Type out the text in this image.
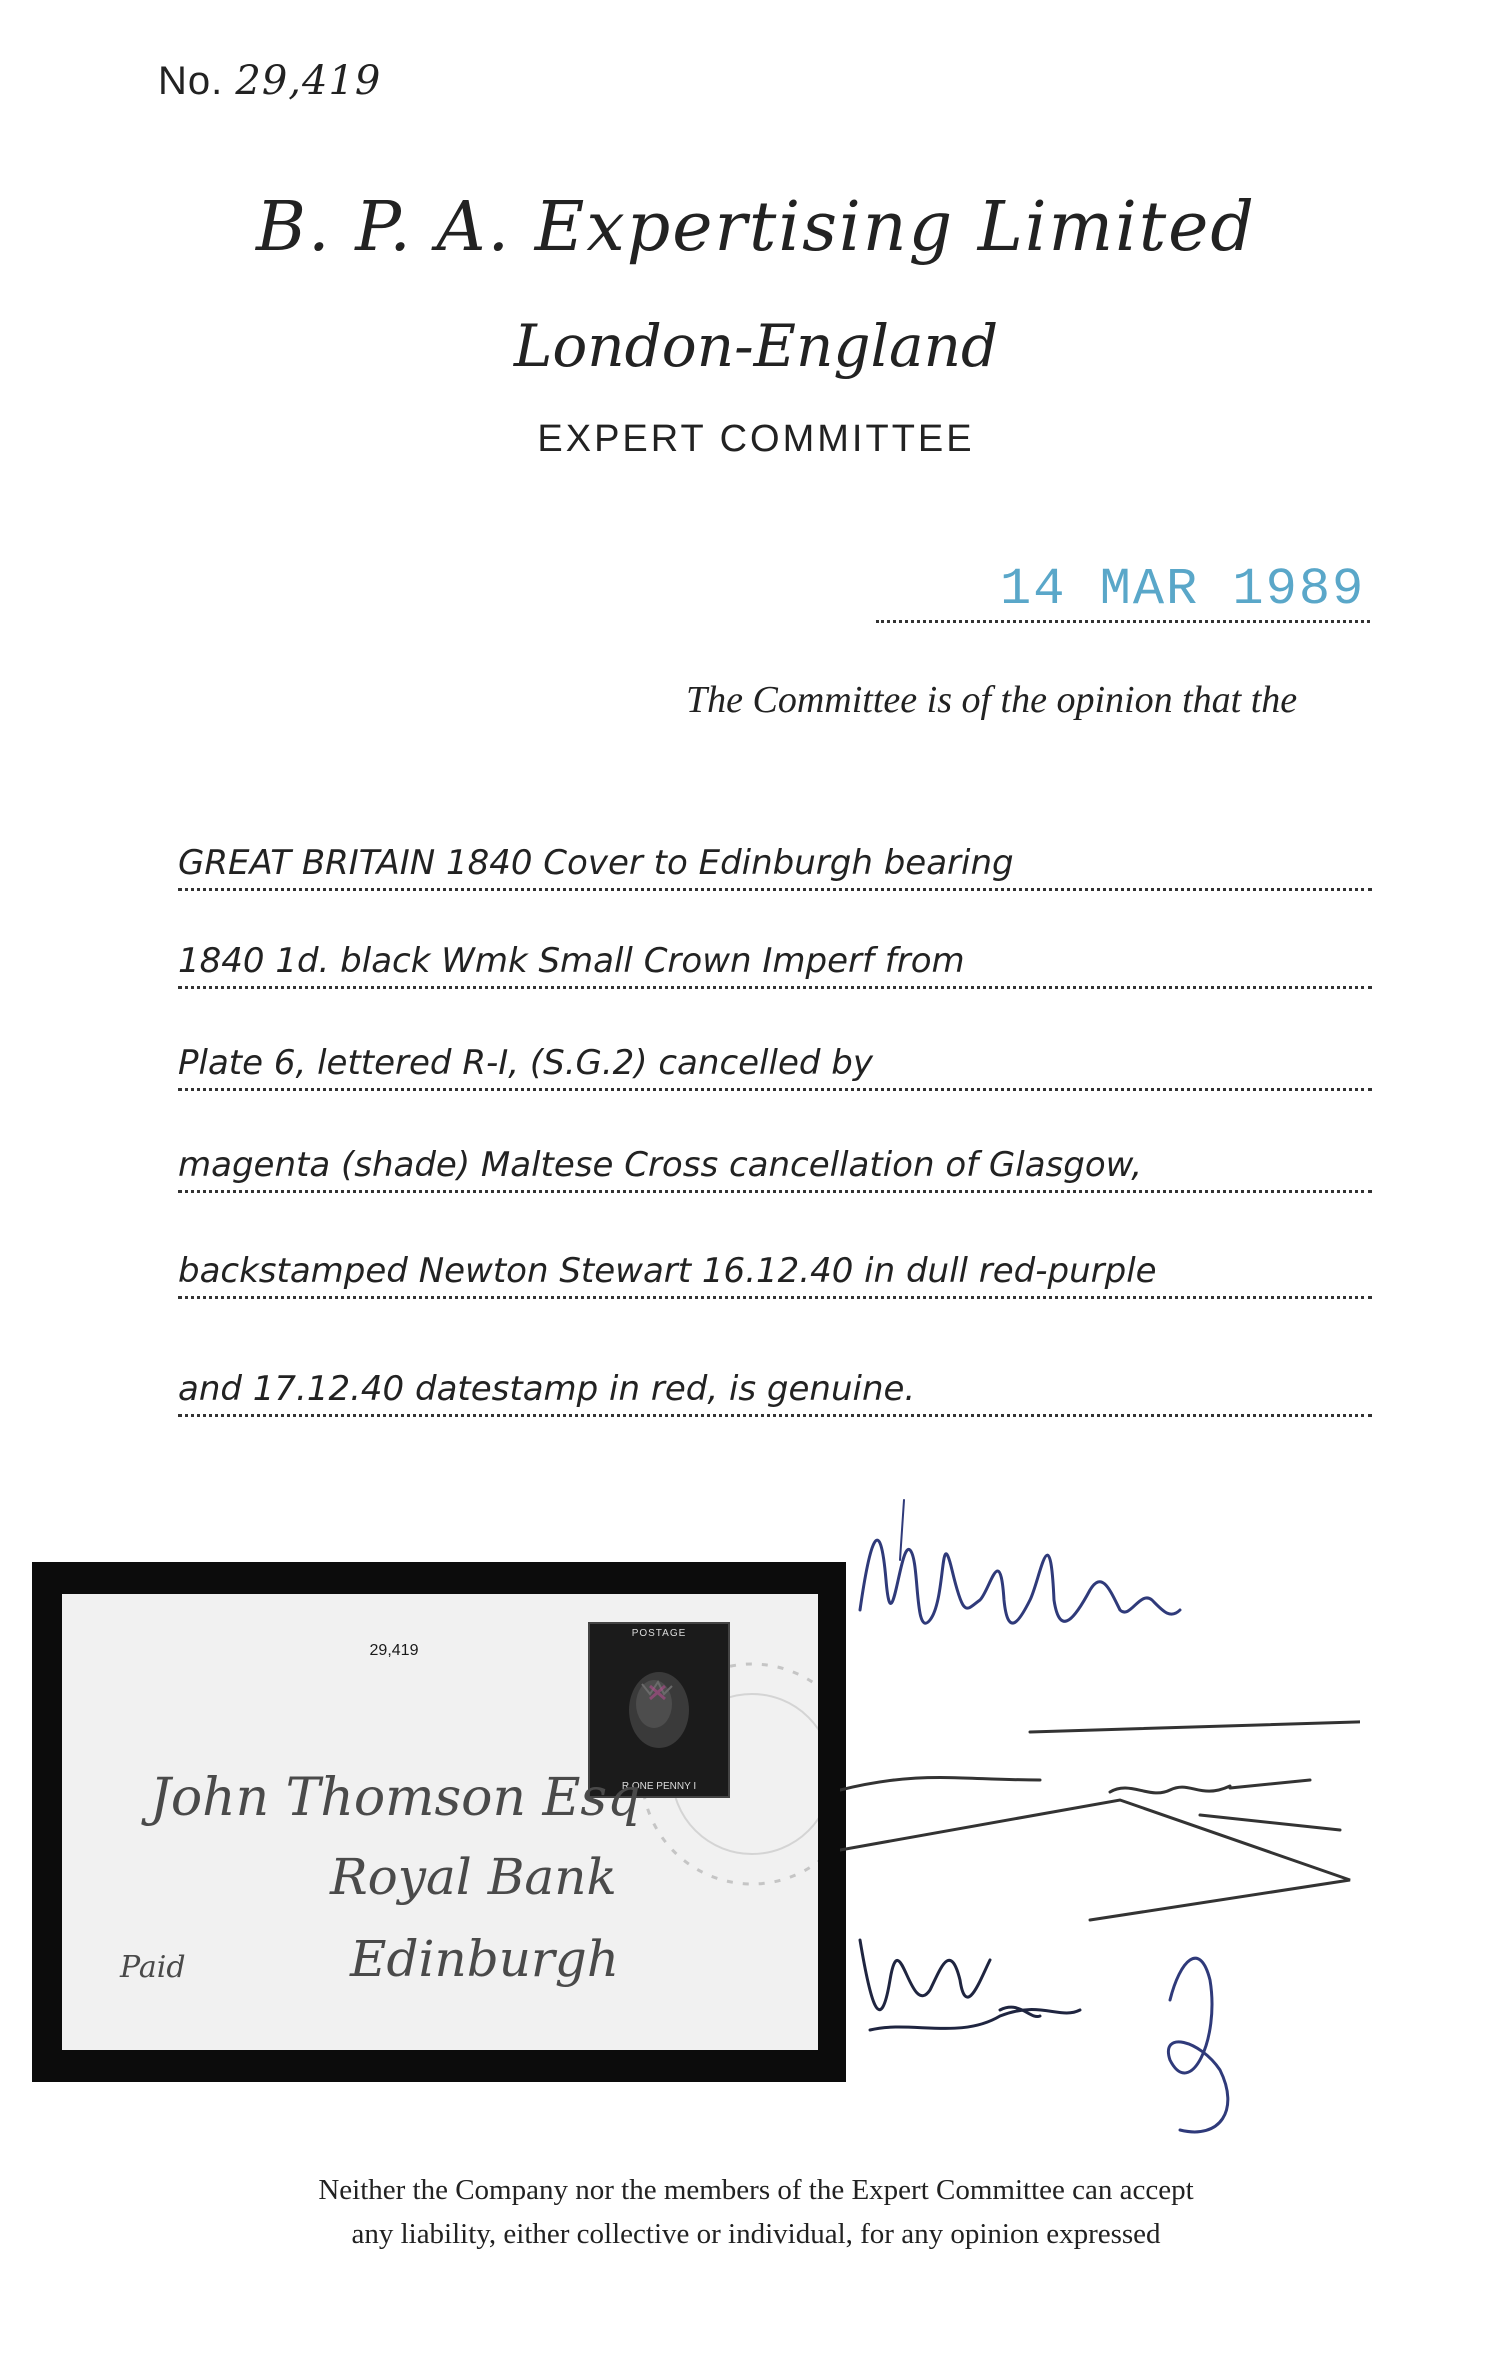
No. 29,419
B. P. A. Expertising Limited
London-England
EXPERT COMMITTEE
14 MAR 1989
The Committee is of the opinion that the
GREAT BRITAIN 1840 Cover to Edinburgh bearing
1840 1d. black Wmk Small Crown Imperf from
Plate 6, lettered R-I, (S.G.2) cancelled by
magenta (shade) Maltese Cross cancellation of Glasgow,
backstamped Newton Stewart 16.12.40 in dull red-purple
and 17.12.40 datestamp in red, is genuine.
29,419
POSTAGE
R ONE PENNY I
John Thomson Esq
Royal Bank
Edinburgh
Paid
Neither the Company nor the members of the Expert Committee can accept
any liability, either collective or individual, for any opinion expressed
